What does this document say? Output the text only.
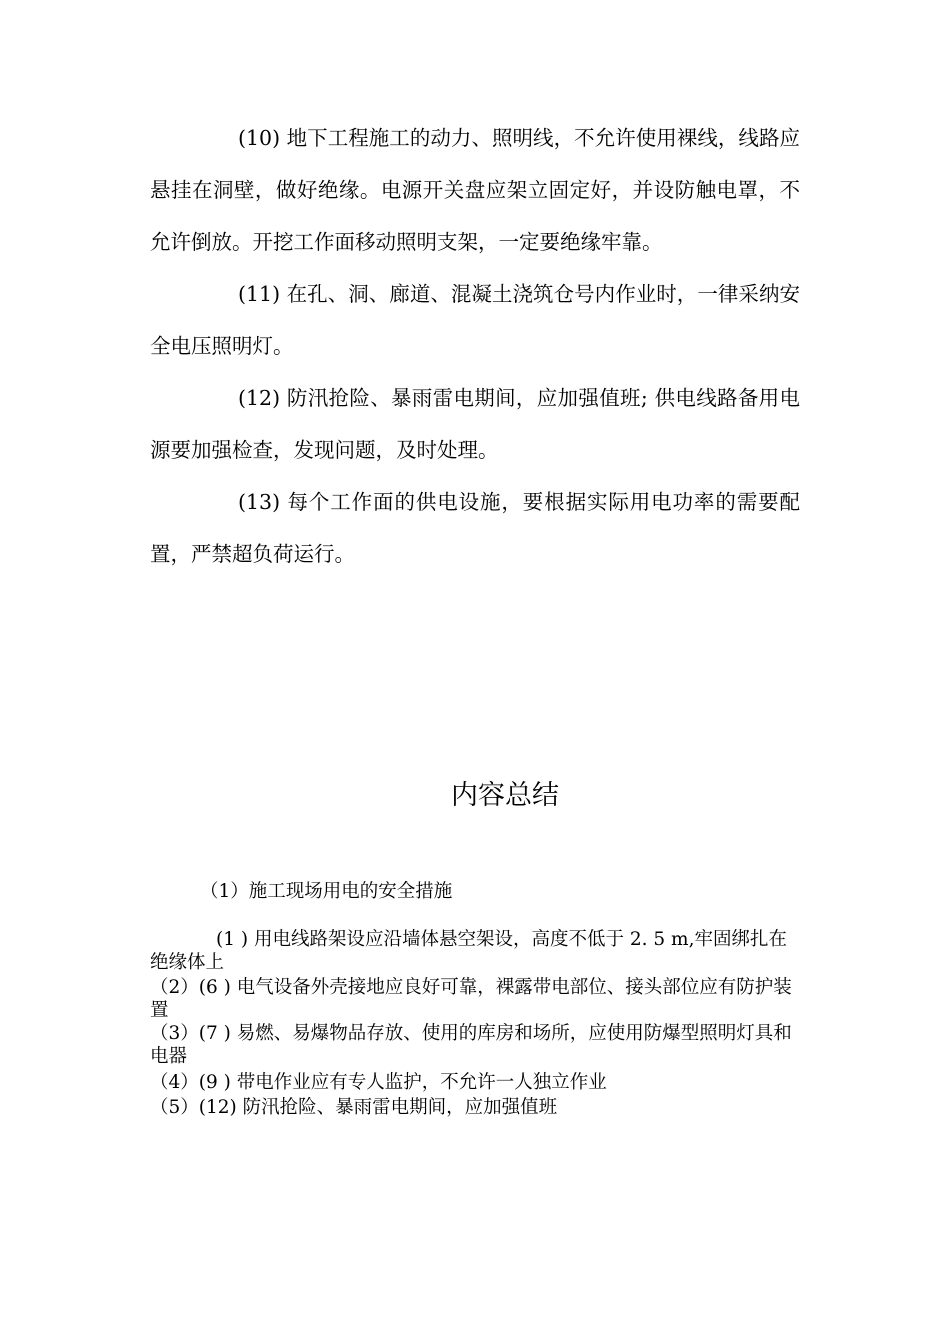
(10) 地下工程施工的动力、照明线，不允许使用裸线，线路应悬挂在洞壁，做好绝缘。电源开关盘应架立固定好，并设防触电罩，不允许倒放。开挖工作面移动照明支架，一定要绝缘牢靠。

(11) 在孔、洞、廊道、混凝土浇筑仓号内作业时，一律采纳安全电压照明灯。

(12) 防汛抢险、暴雨雷电期间，应加强值班; 供电线路备用电源要加强检查，发现问题，及时处理。

(13) 每个工作面的供电设施，要根据实际用电功率的需要配置，严禁超负荷运行。

内容总结

（1）施工现场用电的安全措施

(1 ) 用电线路架设应沿墙体悬空架设，高度不低于 2. 5 m,牢固绑扎在绝缘体上
（2）(6 ) 电气设备外壳接地应良好可靠，裸露带电部位、接头部位应有防护装置
（3）(7 ) 易燃、易爆物品存放、使用的库房和场所，应使用防爆型照明灯具和电器
（4）(9 ) 带电作业应有专人监护，不允许一人独立作业
（5）(12) 防汛抢险、暴雨雷电期间，应加强值班
